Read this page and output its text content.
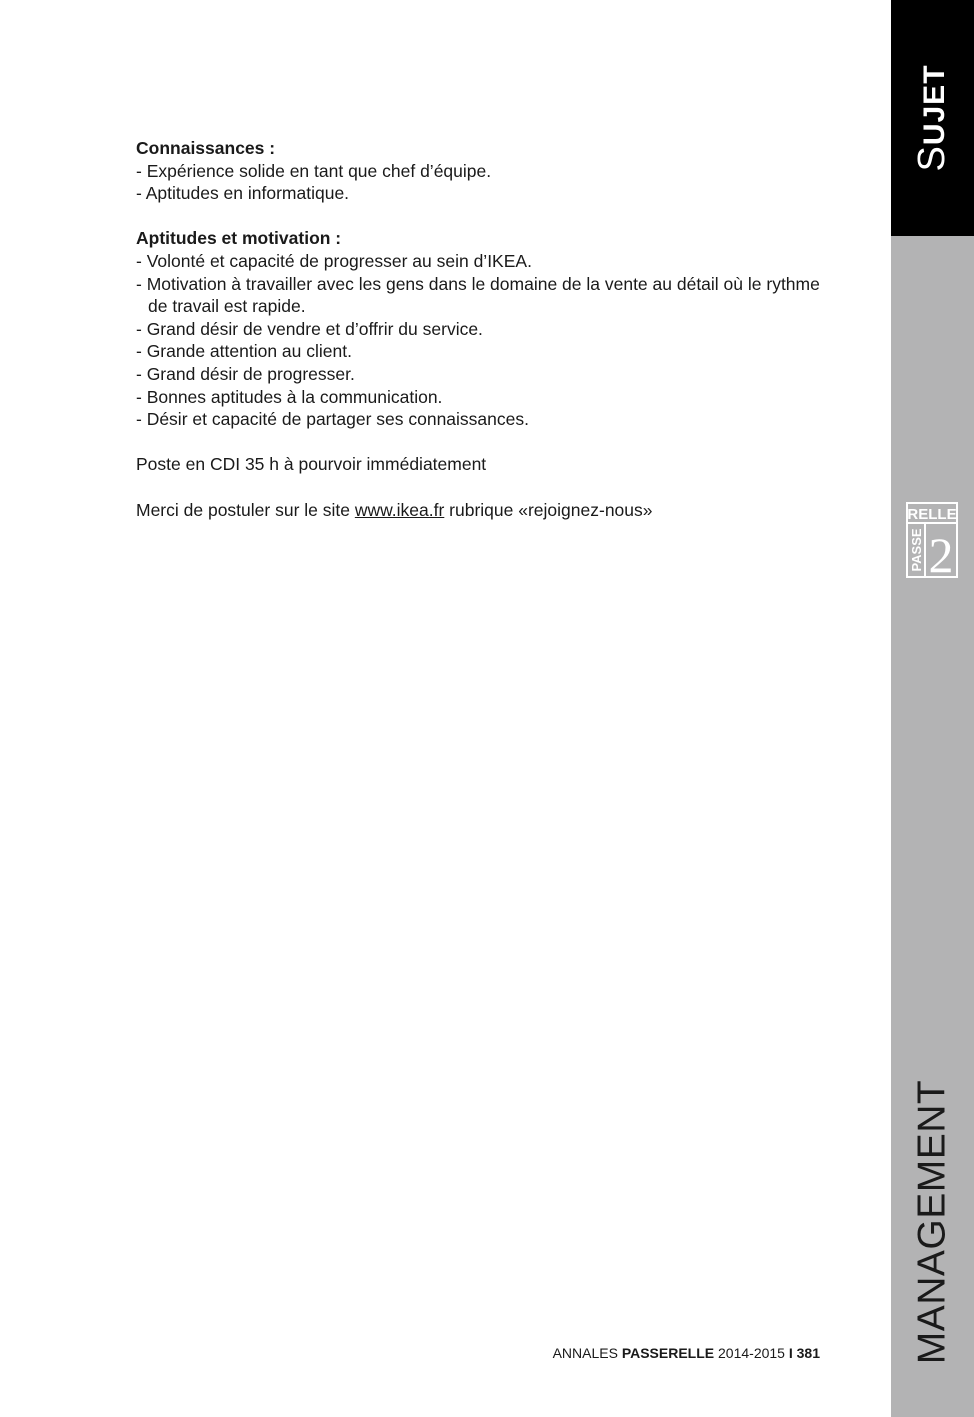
Connaissances :

- Expérience solide en tant que chef d’équipe.

- Aptitudes en informatique.

Aptitudes et motivation :

- Volonté et capacité de progresser au sein d’IKEA.

- Motivation à travailler avec les gens dans le domaine de la vente au détail où le rythme de travail est rapide.

- Grand désir de vendre et d’offrir du service.

- Grande attention au client.

- Grand désir de progresser.

- Bonnes aptitudes à la communication.

- Désir et capacité de partager ses connaissances.

Poste en CDI 35 h à pourvoir immédiatement
Merci de postuler sur le site www.ikea.fr rubrique «rejoignez-nous»
SUJET
RELLE
PASSE 2
MANAGEMENT
ANNALES PASSERELLE 2014-2015 I 381
